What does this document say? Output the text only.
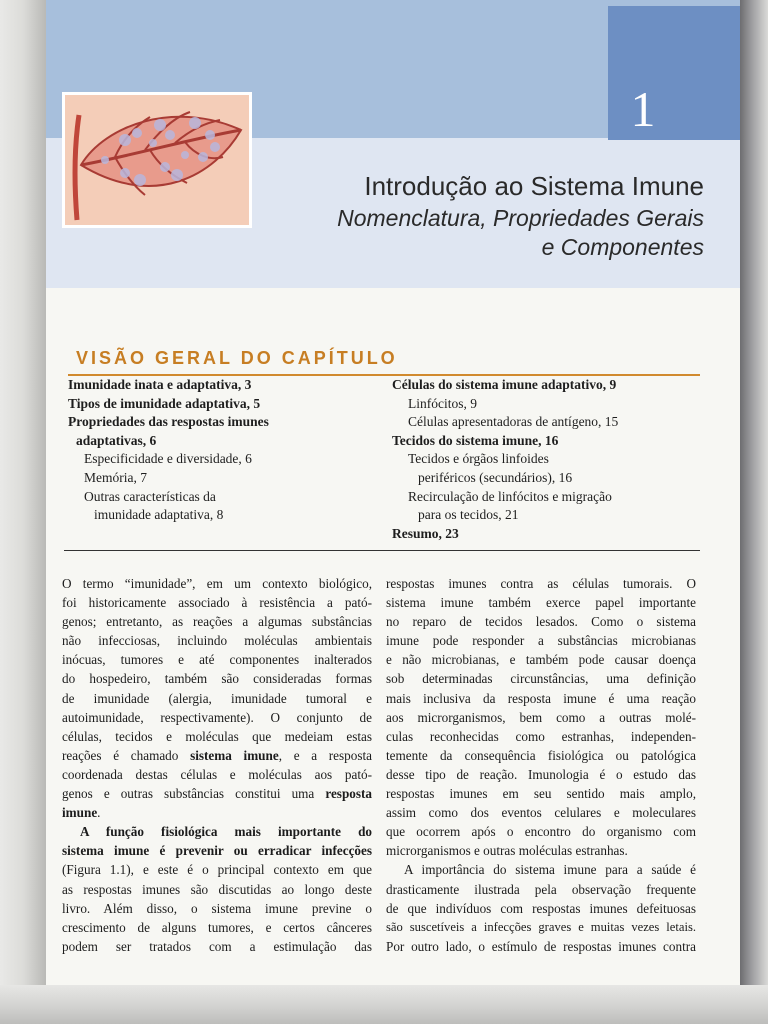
1
Introdução ao Sistema Imune
Nomenclatura, Propriedades Gerais
e Componentes
VISÃO GERAL DO CAPÍTULO
Imunidade inata e adaptativa, 3
Tipos de imunidade adaptativa, 5
Propriedades das respostas imunes
adaptativas, 6
Especificidade e diversidade, 6
Memória, 7
Outras características da
imunidade adaptativa, 8
Células do sistema imune adaptativo, 9
Linfócitos, 9
Células apresentadoras de antígeno, 15
Tecidos do sistema imune, 16
Tecidos e órgãos linfoides
periféricos (secundários), 16
Recirculação de linfócitos e migração
para os tecidos, 21
Resumo, 23
O termo “imunidade”, em um contexto biológico,
foi historicamente associado à resistência a pató-
genos; entretanto, as reações a algumas substâncias
não infecciosas, incluindo moléculas ambientais
inócuas, tumores e até componentes inalterados
do hospedeiro, também são consideradas formas
de imunidade (alergia, imunidade tumoral e
autoimunidade, respectivamente). O conjunto de
células, tecidos e moléculas que medeiam estas
reações é chamado sistema imune, e a resposta
coordenada destas células e moléculas aos pató-
genos e outras substâncias constitui uma resposta
imune.
A função fisiológica mais importante do
sistema imune é prevenir ou erradicar infecções
(Figura 1.1), e este é o principal contexto em que
as respostas imunes são discutidas ao longo deste
livro. Além disso, o sistema imune previne o
crescimento de alguns tumores, e certos cânceres
podem ser tratados com a estimulação das
respostas imunes contra as células tumorais. O
sistema imune também exerce papel importante
no reparo de tecidos lesados. Como o sistema
imune pode responder a substâncias microbianas
e não microbianas, e também pode causar doença
sob determinadas circunstâncias, uma definição
mais inclusiva da resposta imune é uma reação
aos microrganismos, bem como a outras molé-
culas reconhecidas como estranhas, independen-
temente da consequência fisiológica ou patológica
desse tipo de reação. Imunologia é o estudo das
respostas imunes em seu sentido mais amplo,
assim como dos eventos celulares e moleculares
que ocorrem após o encontro do organismo com
microrganismos e outras moléculas estranhas.
A importância do sistema imune para a saúde é
drasticamente ilustrada pela observação frequente
de que indivíduos com respostas imunes defeituosas
são suscetíveis a infecções graves e muitas vezes letais.
Por outro lado, o estímulo de respostas imunes contra
